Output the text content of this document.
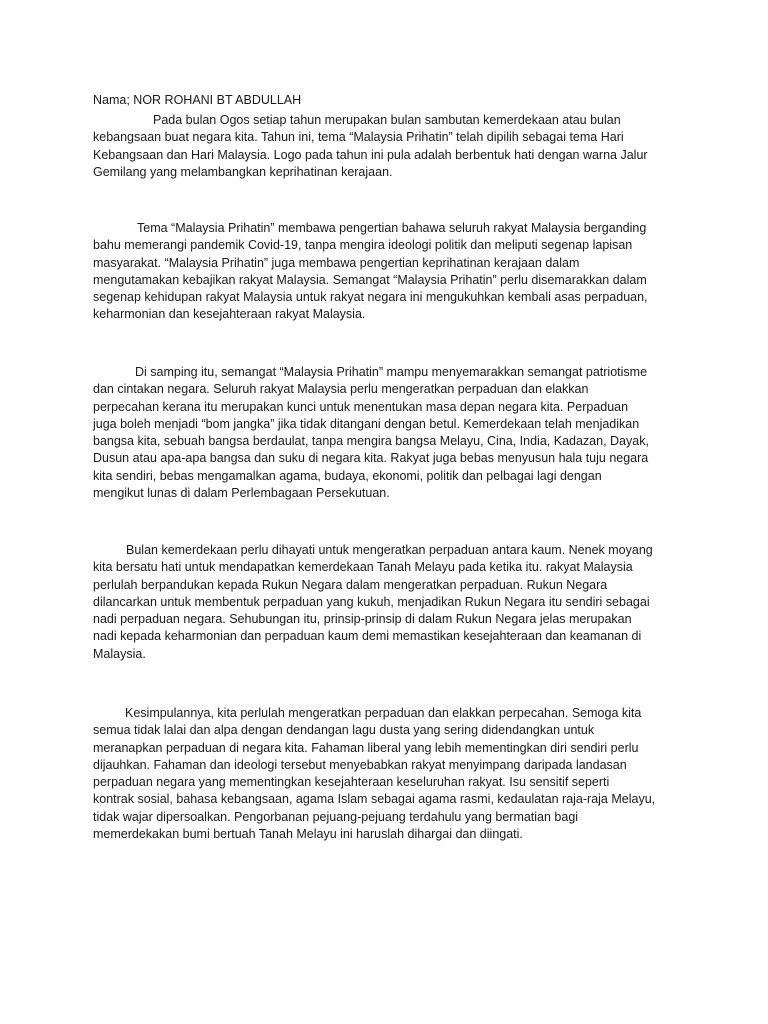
Nama; NOR ROHANI BT ABDULLAH
Pada bulan Ogos setiap tahun merupakan bulan sambutan kemerdekaan atau bulan
kebangsaan buat negara kita. Tahun ini, tema “Malaysia Prihatin” telah dipilih sebagai tema Hari
Kebangsaan dan Hari Malaysia. Logo pada tahun ini pula adalah berbentuk hati dengan warna Jalur
Gemilang yang melambangkan keprihatinan kerajaan.
Tema “Malaysia Prihatin” membawa pengertian bahawa seluruh rakyat Malaysia berganding
bahu memerangi pandemik Covid-19, tanpa mengira ideologi politik dan meliputi segenap lapisan
masyarakat. “Malaysia Prihatin” juga membawa pengertian keprihatinan kerajaan dalam
mengutamakan kebajikan rakyat Malaysia. Semangat “Malaysia Prihatin” perlu disemarakkan dalam
segenap kehidupan rakyat Malaysia untuk rakyat negara ini mengukuhkan kembali asas perpaduan,
keharmonian dan kesejahteraan rakyat Malaysia.
Di samping itu, semangat “Malaysia Prihatin” mampu menyemarakkan semangat patriotisme
dan cintakan negara. Seluruh rakyat Malaysia perlu mengeratkan perpaduan dan elakkan
perpecahan kerana itu merupakan kunci untuk menentukan masa depan negara kita. Perpaduan
juga boleh menjadi “bom jangka” jika tidak ditangani dengan betul. Kemerdekaan telah menjadikan
bangsa kita, sebuah bangsa berdaulat, tanpa mengira bangsa Melayu, Cina, India, Kadazan, Dayak,
Dusun atau apa-apa bangsa dan suku di negara kita. Rakyat juga bebas menyusun hala tuju negara
kita sendiri, bebas mengamalkan agama, budaya, ekonomi, politik dan pelbagai lagi dengan
mengikut lunas di dalam Perlembagaan Persekutuan.
Bulan kemerdekaan perlu dihayati untuk mengeratkan perpaduan antara kaum. Nenek moyang
kita bersatu hati untuk mendapatkan kemerdekaan Tanah Melayu pada ketika itu. rakyat Malaysia
perlulah berpandukan kepada Rukun Negara dalam mengeratkan perpaduan. Rukun Negara
dilancarkan untuk membentuk perpaduan yang kukuh, menjadikan Rukun Negara itu sendiri sebagai
nadi perpaduan negara. Sehubungan itu, prinsip-prinsip di dalam Rukun Negara jelas merupakan
nadi kepada keharmonian dan perpaduan kaum demi memastikan kesejahteraan dan keamanan di
Malaysia.
Kesimpulannya, kita perlulah mengeratkan perpaduan dan elakkan perpecahan. Semoga kita
semua tidak lalai dan alpa dengan dendangan lagu dusta yang sering didendangkan untuk
meranapkan perpaduan di negara kita. Fahaman liberal yang lebih mementingkan diri sendiri perlu
dijauhkan. Fahaman dan ideologi tersebut menyebabkan rakyat menyimpang daripada landasan
perpaduan negara yang mementingkan kesejahteraan keseluruhan rakyat. Isu sensitif seperti
kontrak sosial, bahasa kebangsaan, agama Islam sebagai agama rasmi, kedaulatan raja-raja Melayu,
tidak wajar dipersoalkan. Pengorbanan pejuang-pejuang terdahulu yang bermatian bagi
memerdekakan bumi bertuah Tanah Melayu ini haruslah dihargai dan diingati.
